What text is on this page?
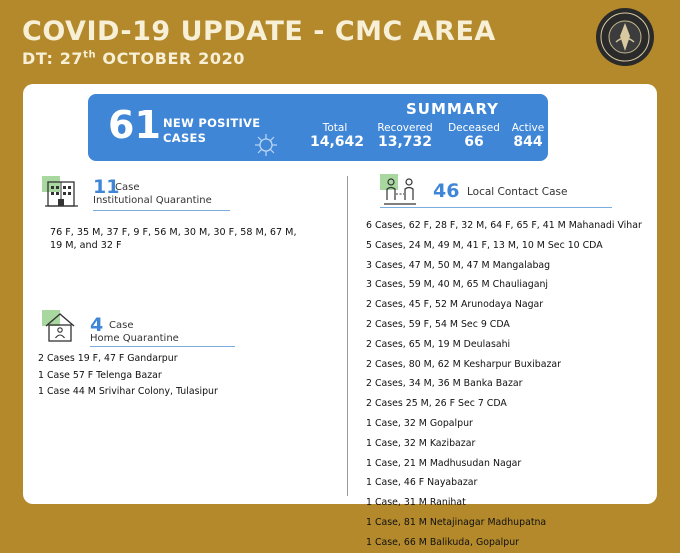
COVID-19 UPDATE - CMC AREA
DT: 27th OCTOBER 2020
61 NEW POSITIVE
CASES
SUMMARY
Total
14,642
Recovered
13,732
Deceased
66
Active
844
11
Case
Institutional Quarantine
76 F, 35 M, 37 F, 9 F, 56 M, 30 M, 30 F, 58 M, 67 M,
19 M, and 32 F
4 Case
Home Quarantine
2 Cases 19 F, 47 F Gandarpur
1 Case 57 F Telenga Bazar
1 Case 44 M Srivihar Colony, Tulasipur
46 Local Contact Case
6 Cases, 62 F, 28 F, 32 M, 64 F, 65 F, 41 M Mahanadi Vihar
5 Cases, 24 M, 49 M, 41 F, 13 M, 10 M Sec 10 CDA
3 Cases, 47 M, 50 M, 47 M Mangalabag
3 Cases, 59 M, 40 M, 65 M Chauliaganj
2 Cases, 45 F, 52 M Arunodaya Nagar
2 Cases, 59 F, 54 M Sec 9 CDA
2 Cases, 65 M, 19 M Deulasahi
2 Cases, 80 M, 62 M Kesharpur Buxibazar
2 Cases, 34 M, 36 M Banka Bazar
2 Cases 25 M, 26 F Sec 7 CDA
1 Case, 32 M Gopalpur
1 Case, 32 M Kazibazar
1 Case, 21 M Madhusudan Nagar
1 Case, 46 F Nayabazar
1 Case, 31 M Ranihat
1 Case, 81 M Netajinagar Madhupatna
1 Case, 66 M Balikuda, Gopalpur
